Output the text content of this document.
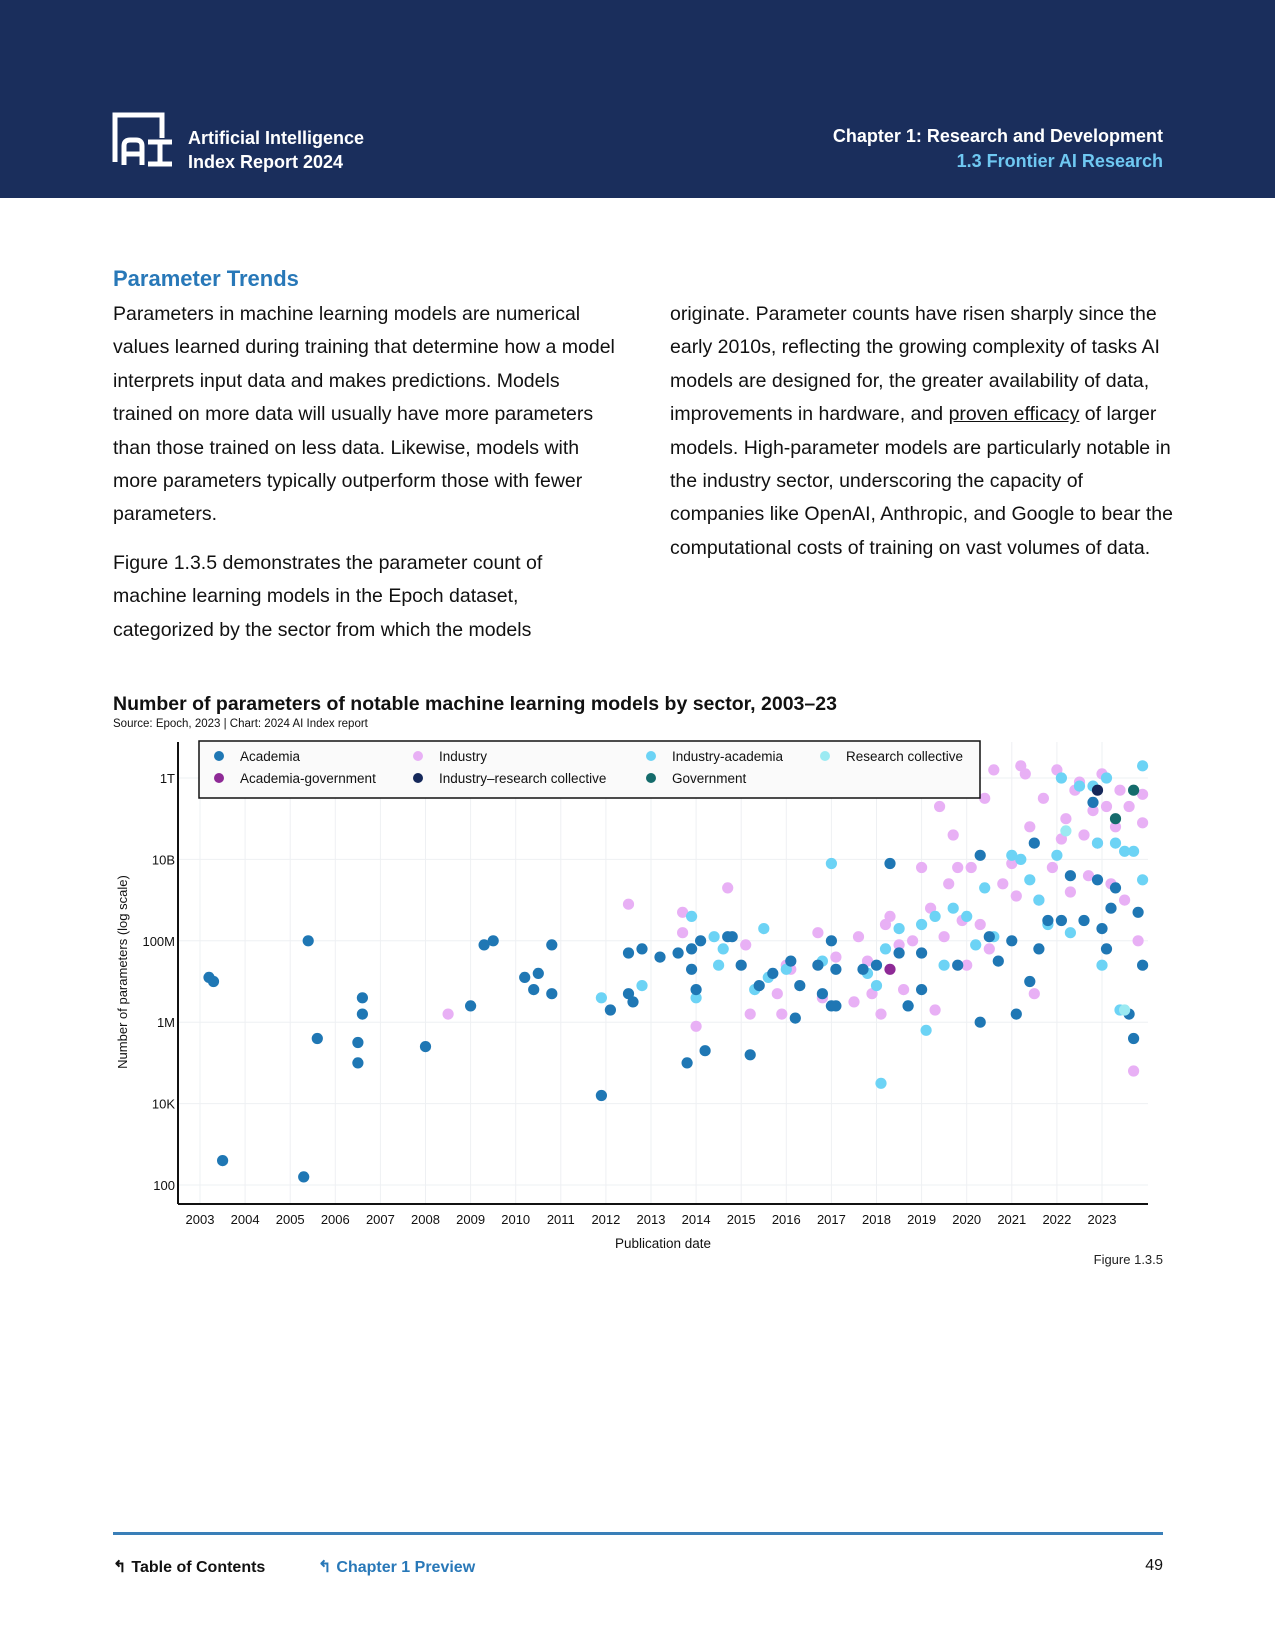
Artificial Intelligence
Index Report 2024
Chapter 1: Research and Development
1.3 Frontier AI Research
Parameter Trends

Parameters in machine learning models are numerical values learned during training that determine how a model interprets input data and makes predictions. Models trained on more data will usually have more parameters than those trained on less data. Likewise, models with more parameters typically outperform those with fewer parameters.

Figure 1.3.5 demonstrates the parameter count of machine learning models in the Epoch dataset, categorized by the sector from which the models

originate. Parameter counts have risen sharply since the early 2010s, reflecting the growing complexity of tasks AI models are designed for, the greater availability of data, improvements in hardware, and proven efficacy of larger models. High-parameter models are particularly notable in the industry sector, underscoring the capacity of companies like OpenAI, Anthropic, and Google to bear the computational costs of training on vast volumes of data.

Number of parameters of notable machine learning models by sector, 2003–23
Source: Epoch, 2023 | Chart: 2024 AI Index report
2003 2004 2005 2006 2007 2008 2009 2010 2011 2012 2013 2014 2015 2016 2017 2018 2019 2020 2021 2022 2023
100
10K
1M
100M
10B
1T
Publication date
Number of parameters (log scale)
Academia	Industry	Industry-academia	Research collective
Academia-government	Industry–research collective	Government
Figure 1.3.5
↰ Table of Contents	↰ Chapter 1 Preview	49
